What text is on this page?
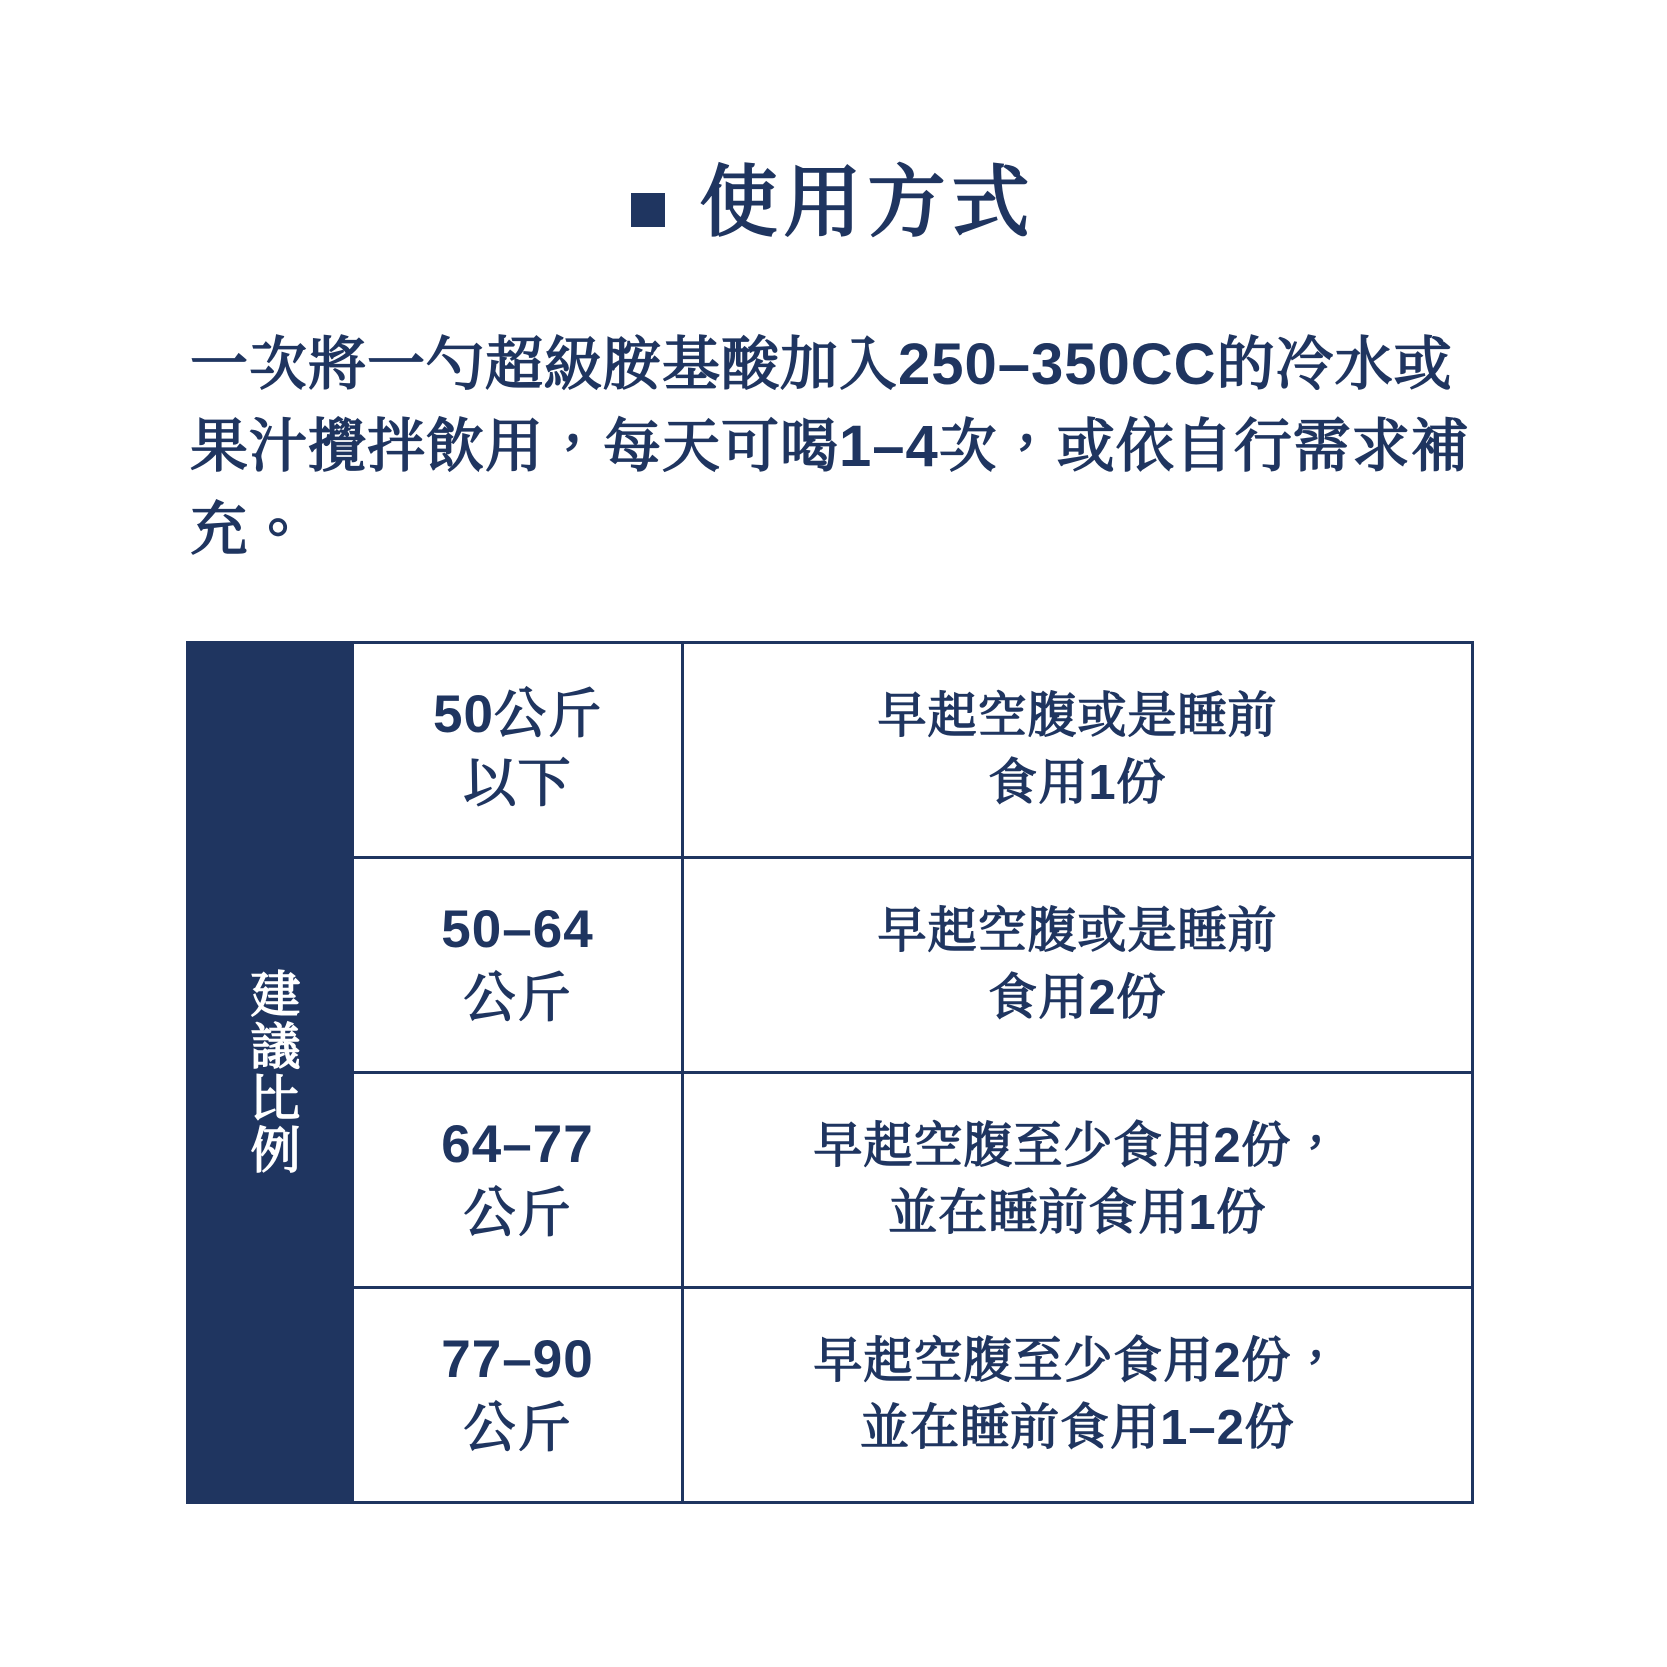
使用方式

一次將一勺超級胺基酸加入250–350CC的冷水或果汁攪拌飲用，每天可喝1–4次，或依自行需求補充。

建議比例
50公斤
以下
早起空腹或是睡前
食用1份
50–64
公斤
早起空腹或是睡前
食用2份
64–77
公斤
早起空腹至少食用2份，
並在睡前食用1份
77–90
公斤
早起空腹至少食用2份，
並在睡前食用1–2份
